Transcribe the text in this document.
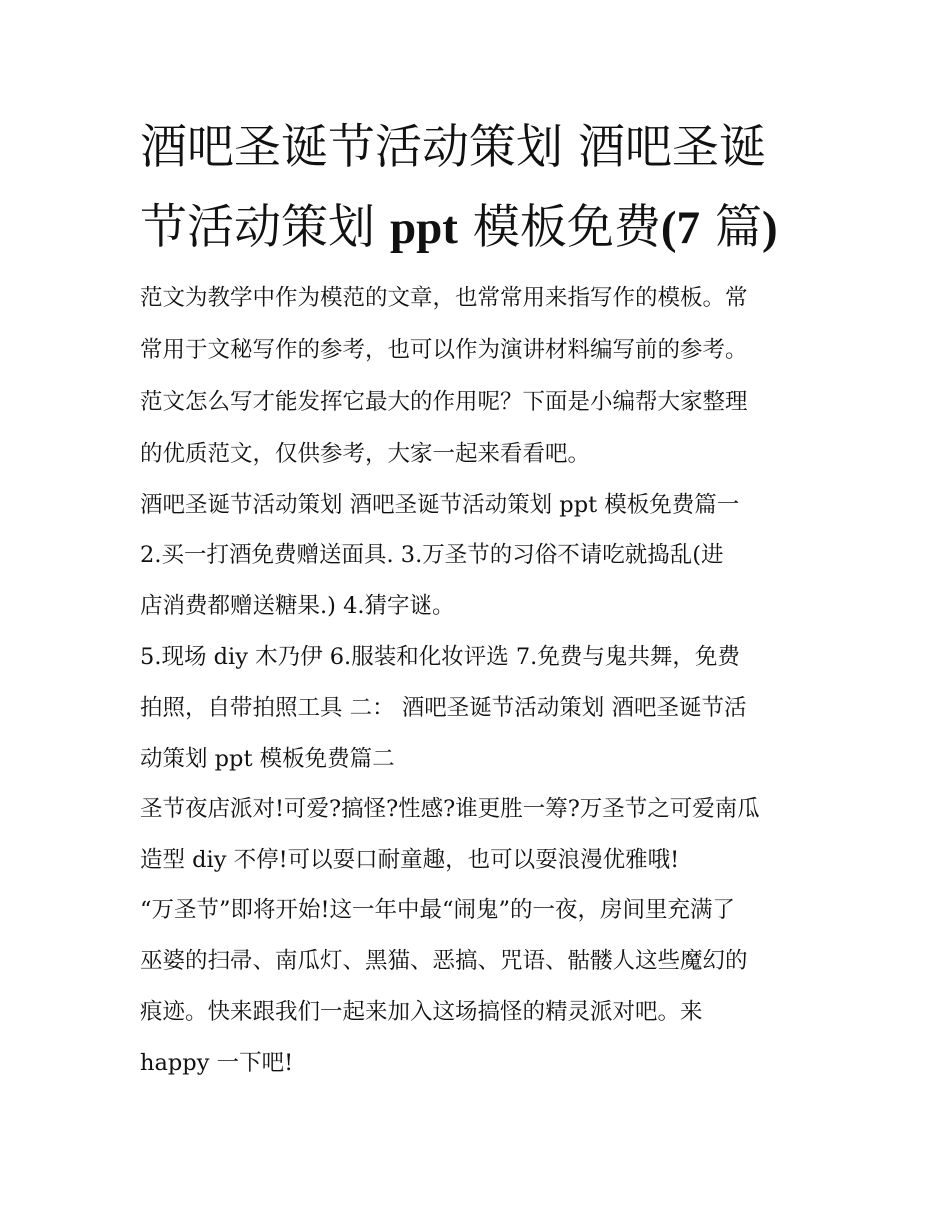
酒吧圣诞节活动策划 酒吧圣诞
节活动策划 ppt 模板免费(7 篇)
范文为教学中作为模范的文章，也常常用来指写作的模板。常
常用于文秘写作的参考，也可以作为演讲材料编写前的参考。
范文怎么写才能发挥它最大的作用呢？下面是小编帮大家整理
的优质范文，仅供参考，大家一起来看看吧。
酒吧圣诞节活动策划 酒吧圣诞节活动策划 ppt 模板免费篇一
2.买一打酒免费赠送面具. 3.万圣节的习俗不请吃就捣乱(进
店消费都赠送糖果.) 4.猜字谜。
5.现场 diy 木乃伊 6.服装和化妆评选 7.免费与鬼共舞，免费
拍照，自带拍照工具 二： 酒吧圣诞节活动策划 酒吧圣诞节活
动策划 ppt 模板免费篇二
圣节夜店派对!可爱?搞怪?性感?谁更胜一筹?万圣节之可爱南瓜
造型 diy 不停!可以耍口耐童趣，也可以耍浪漫优雅哦!
“万圣节”即将开始!这一年中最“闹鬼”的一夜，房间里充满了
巫婆的扫帚、南瓜灯、黑猫、恶搞、咒语、骷髅人这些魔幻的
痕迹。快来跟我们一起来加入这场搞怪的精灵派对吧。来
happy 一下吧!
